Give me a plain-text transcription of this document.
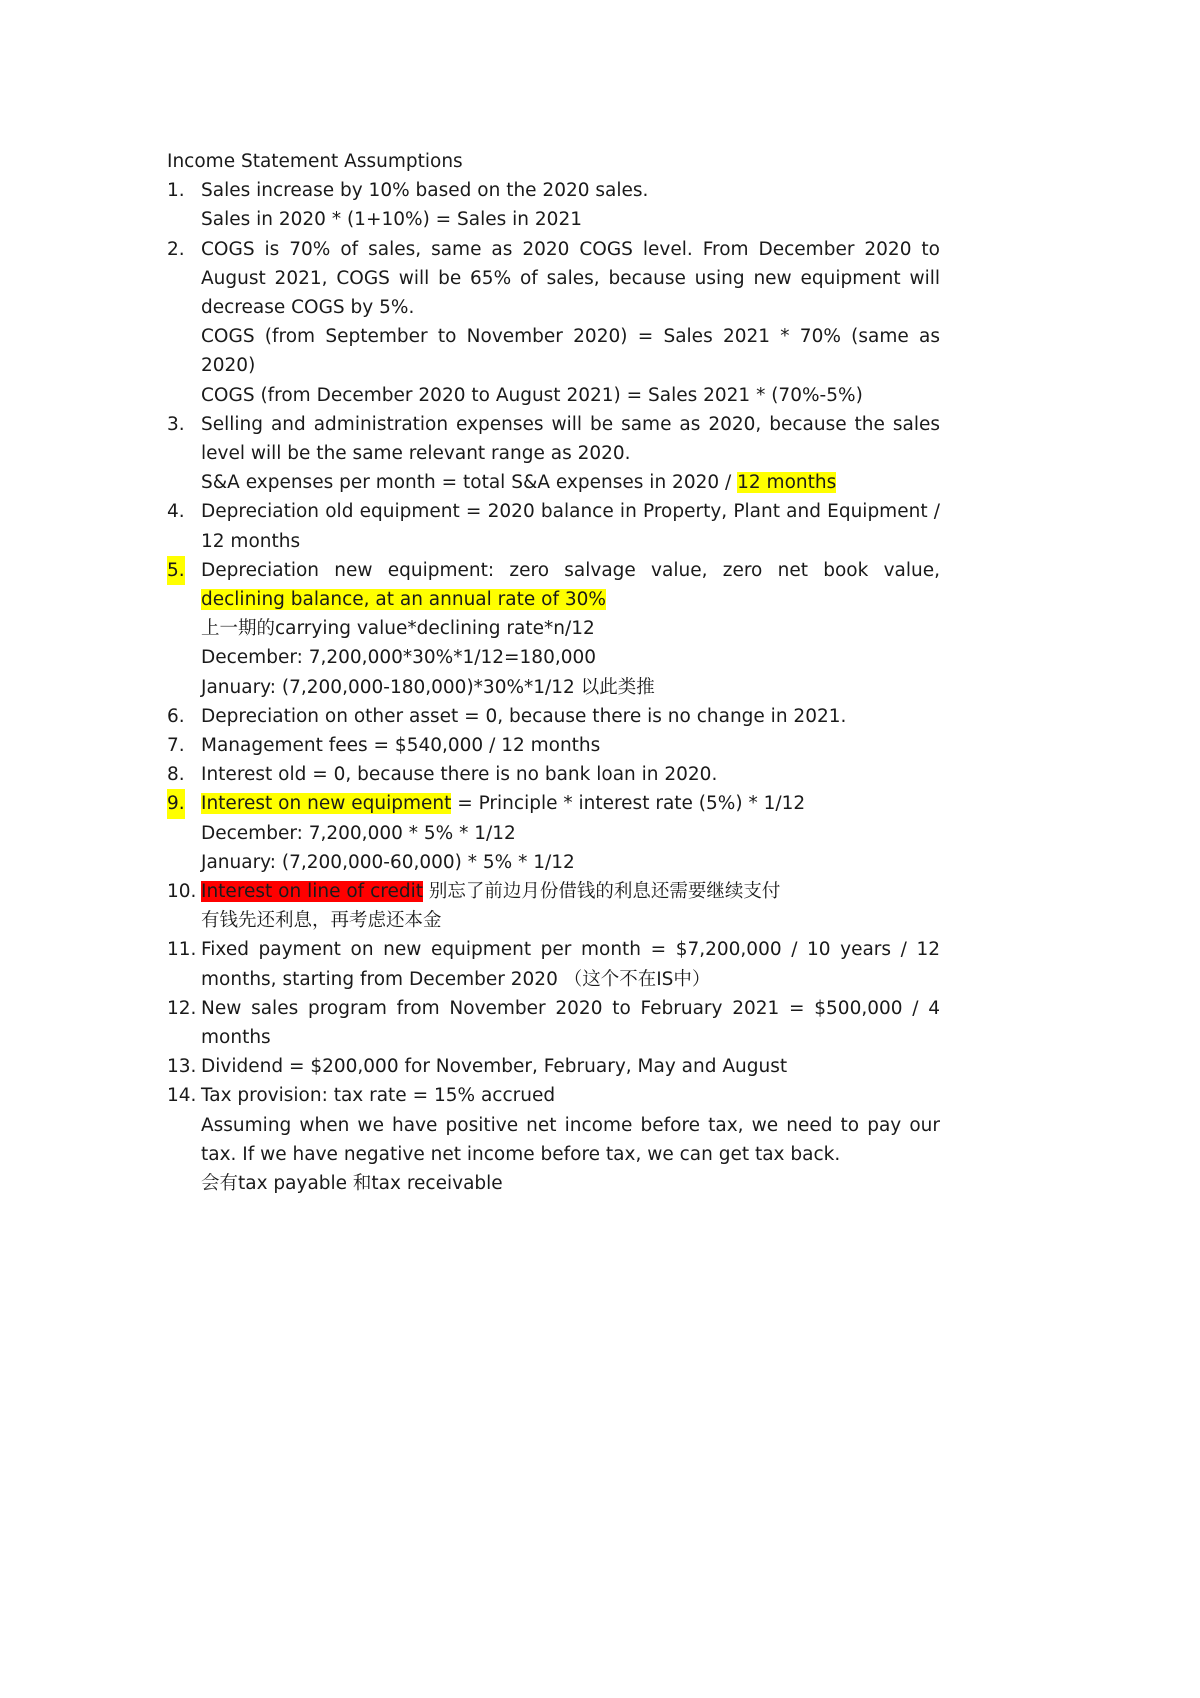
Income Statement Assumptions
1. Sales increase by 10% based on the 2020 sales.
Sales in 2020 * (1+10%) = Sales in 2021
2. COGS is 70% of sales, same as 2020 COGS level. From December 2020 to August 2021, COGS will be 65% of sales, because using new equipment will decrease COGS by 5%.
COGS (from September to November 2020) = Sales 2021 * 70% (same as 2020)
COGS (from December 2020 to August 2021) = Sales 2021 * (70%-5%)
3. Selling and administration expenses will be same as 2020, because the sales level will be the same relevant range as 2020.
S&A expenses per month = total S&A expenses in 2020 / 12 months
4. Depreciation old equipment = 2020 balance in Property, Plant and Equipment / 12 months
5. Depreciation new equipment: zero salvage value, zero net book value,
declining balance, at an annual rate of 30%
上一期的carrying value*declining rate*n/12
December: 7,200,000*30%*1/12=180,000
January: (7,200,000-180,000)*30%*1/12 以此类推
6. Depreciation on other asset = 0, because there is no change in 2021.
7. Management fees = $540,000 / 12 months
8. Interest old = 0, because there is no bank loan in 2020.
9. Interest on new equipment = Principle * interest rate (5%) * 1/12
December: 7,200,000 * 5% * 1/12
January: (7,200,000-60,000) * 5% * 1/12
10. Interest on line of credit 别忘了前边月份借钱的利息还需要继续支付
有钱先还利息，再考虑还本金
11. Fixed payment on new equipment per month = $7,200,000 / 10 years / 12 months, starting from December 2020 （这个不在IS中）
12. New sales program from November 2020 to February 2021 = $500,000 / 4 months
13. Dividend = $200,000 for November, February, May and August
14. Tax provision: tax rate = 15% accrued
Assuming when we have positive net income before tax, we need to pay our tax. If we have negative net income before tax, we can get tax back.
会有tax payable 和tax receivable
